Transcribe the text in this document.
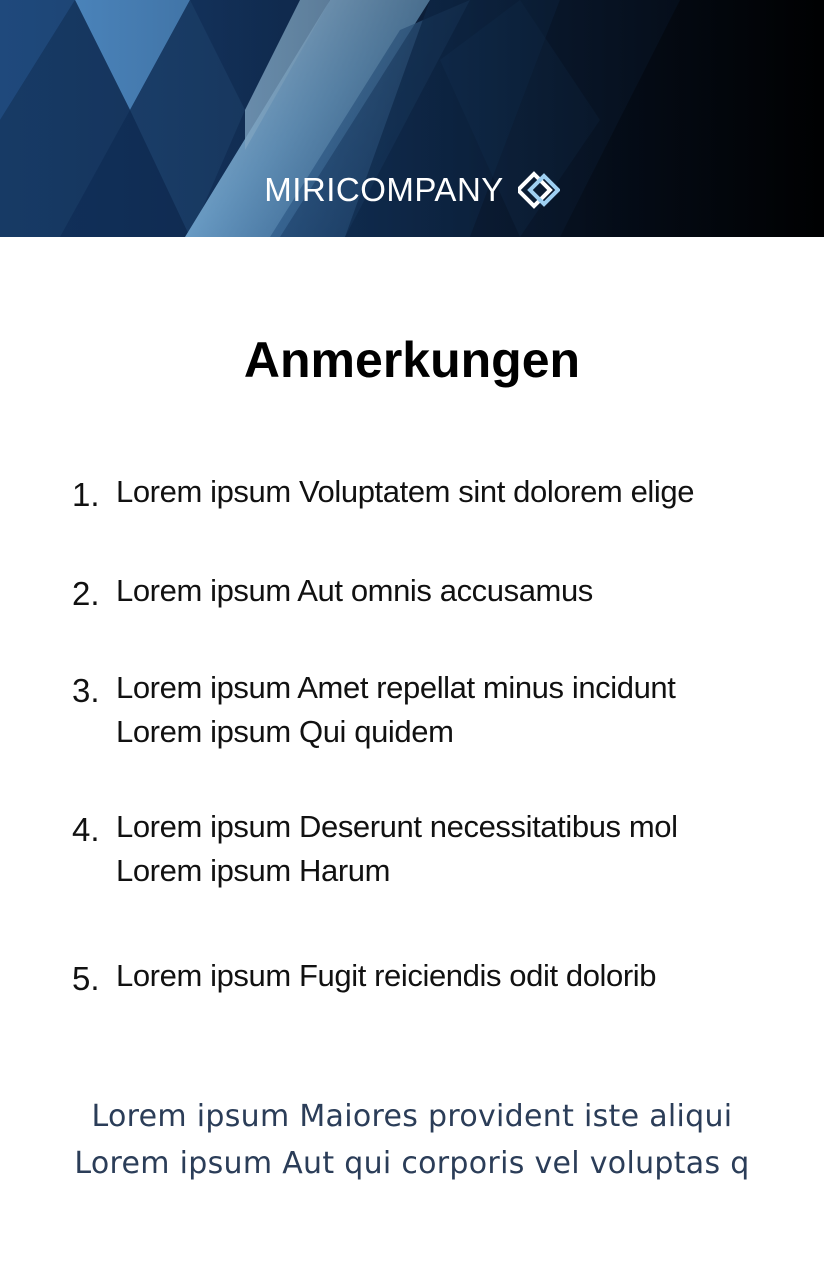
MIRICOMPANY
Anmerkungen
1. Lorem ipsum Voluptatem sint dolorem elige
2. Lorem ipsum Aut omnis accusamus
3. Lorem ipsum Amet repellat minus incidunt
Lorem ipsum Qui quidem
4. Lorem ipsum Deserunt necessitatibus mol
Lorem ipsum Harum
5. Lorem ipsum Fugit reiciendis odit dolorib
Lorem ipsum Maiores provident iste aliqui
Lorem ipsum Aut qui corporis vel voluptas q
